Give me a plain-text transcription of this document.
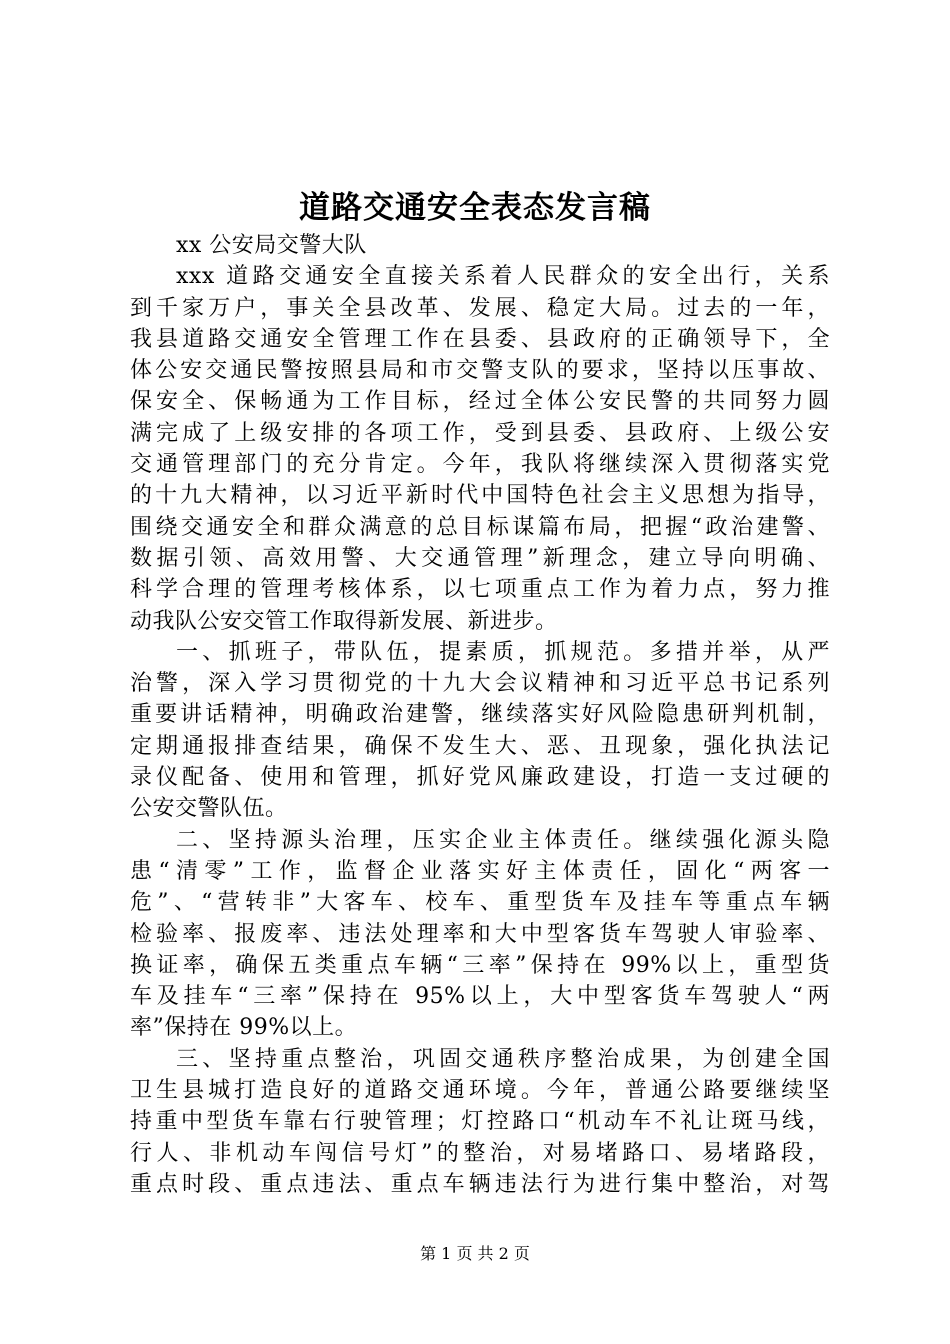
道路交通安全表态发言稿
xx 公安局交警大队
xxx 道路交通安全直接关系着人民群众的安全出行，关系
到千家万户，事关全县改革、发展、稳定大局。过去的一年，
我县道路交通安全管理工作在县委、县政府的正确领导下，全
体公安交通民警按照县局和市交警支队的要求，坚持以压事故、
保安全、保畅通为工作目标，经过全体公安民警的共同努力圆
满完成了上级安排的各项工作，受到县委、县政府、上级公安
交通管理部门的充分肯定。今年，我队将继续深入贯彻落实党
的十九大精神，以习近平新时代中国特色社会主义思想为指导，
围绕交通安全和群众满意的总目标谋篇布局，把握“政治建警、
数据引领、高效用警、大交通管理”新理念，建立导向明确、
科学合理的管理考核体系，以七项重点工作为着力点，努力推
动我队公安交管工作取得新发展、新进步。
一、抓班子，带队伍，提素质，抓规范。多措并举，从严
治警，深入学习贯彻党的十九大会议精神和习近平总书记系列
重要讲话精神，明确政治建警，继续落实好风险隐患研判机制，
定期通报排查结果，确保不发生大、恶、丑现象，强化执法记
录仪配备、使用和管理，抓好党风廉政建设，打造一支过硬的
公安交警队伍。
二、坚持源头治理，压实企业主体责任。继续强化源头隐
患“清零”工作，监督企业落实好主体责任，固化“两客一
危”、“营转非”大客车、校车、重型货车及挂车等重点车辆
检验率、报废率、违法处理率和大中型客货车驾驶人审验率、
换证率，确保五类重点车辆“三率”保持在 99%以上，重型货
车及挂车“三率”保持在 95%以上，大中型客货车驾驶人“两
率”保持在 99%以上。
三、坚持重点整治，巩固交通秩序整治成果，为创建全国
卫生县城打造良好的道路交通环境。今年，普通公路要继续坚
持重中型货车靠右行驶管理；灯控路口“机动车不礼让斑马线，
行人、非机动车闯信号灯”的整治，对易堵路口、易堵路段，
重点时段、重点违法、重点车辆违法行为进行集中整治，对驾
第 1 页 共 2 页
